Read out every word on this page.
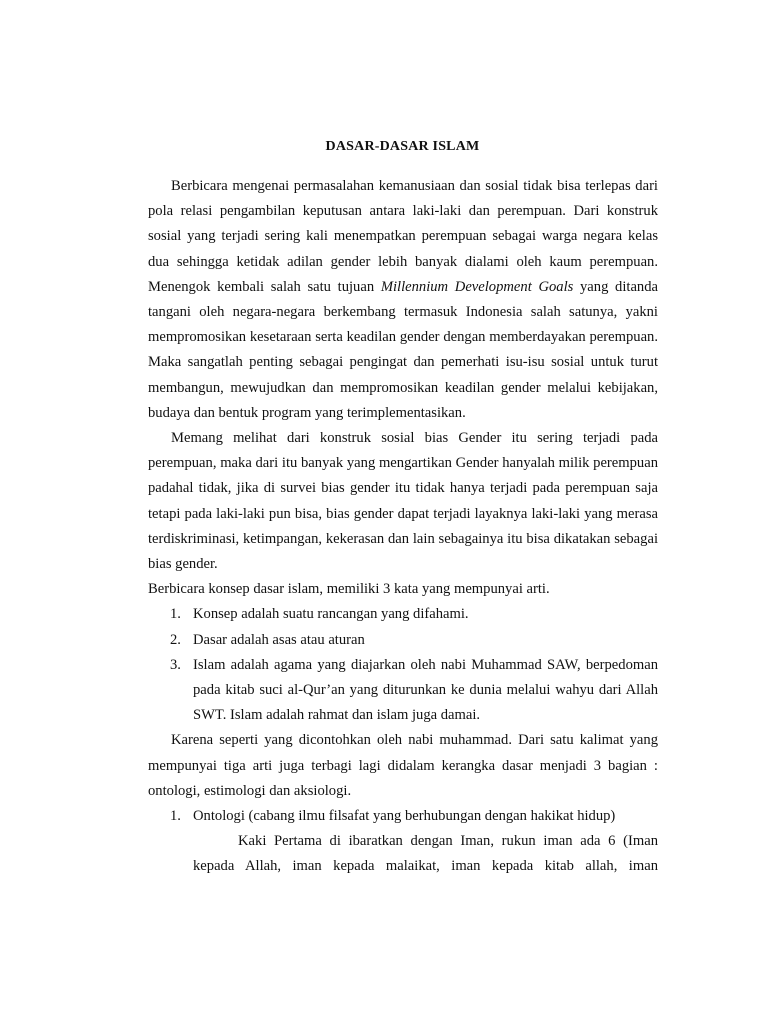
DASAR-DASAR ISLAM

Berbicara mengenai permasalahan kemanusiaan dan sosial tidak bisa terlepas dari pola relasi pengambilan keputusan antara laki-laki dan perempuan. Dari konstruk sosial yang terjadi sering kali menempatkan perempuan sebagai warga negara kelas dua sehingga ketidak adilan gender lebih banyak dialami oleh kaum perempuan. Menengok kembali salah satu tujuan Millennium Development Goals yang ditanda tangani oleh negara-negara berkembang termasuk Indonesia salah satunya, yakni mempromosikan kesetaraan serta keadilan gender dengan memberdayakan perempuan. Maka sangatlah penting sebagai pengingat dan pemerhati isu-isu sosial untuk turut membangun, mewujudkan dan mempromosikan keadilan gender melalui kebijakan, budaya dan bentuk program yang terimplementasikan.

Memang melihat dari konstruk sosial bias Gender itu sering terjadi pada perempuan, maka dari itu banyak yang mengartikan Gender hanyalah milik perempuan padahal tidak, jika di survei bias gender itu tidak hanya terjadi pada perempuan saja tetapi pada laki-laki pun bisa, bias gender dapat terjadi layaknya laki-laki yang merasa terdiskriminasi, ketimpangan, kekerasan dan lain sebagainya itu bisa dikatakan sebagai bias gender.

Berbicara konsep dasar islam, memiliki 3 kata yang mempunyai arti.

1. Konsep adalah suatu rancangan yang difahami.
2. Dasar adalah asas atau aturan
3. Islam adalah agama yang diajarkan oleh nabi Muhammad SAW, berpedoman pada kitab suci al-Qur’an yang diturunkan ke dunia melalui wahyu dari Allah SWT. Islam adalah rahmat dan islam juga damai.

Karena seperti yang dicontohkan oleh nabi muhammad. Dari satu kalimat yang mempunyai tiga arti juga terbagi lagi didalam kerangka dasar menjadi 3 bagian : ontologi, estimologi dan aksiologi.

1. Ontologi (cabang ilmu filsafat yang berhubungan dengan hakikat hidup)

Kaki Pertama di ibaratkan dengan Iman, rukun iman ada 6 (Iman kepada Allah, iman kepada malaikat, iman kepada kitab allah, iman
